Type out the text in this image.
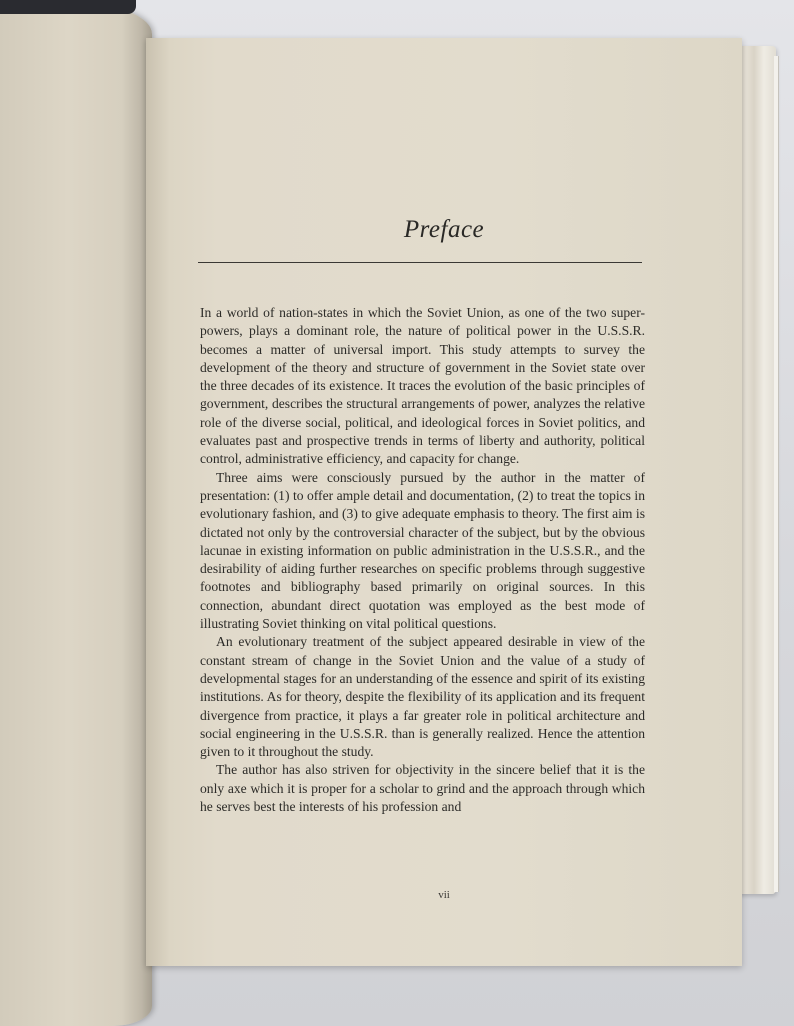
Preface

In a world of nation-states in which the Soviet Union, as one of the two super-powers, plays a dominant role, the nature of political power in the U.S.S.R. becomes a matter of universal import. This study attempts to survey the development of the theory and structure of government in the Soviet state over the three decades of its existence. It traces the evolution of the basic principles of government, describes the structural arrangements of power, analyzes the relative role of the diverse social, political, and ideological forces in Soviet politics, and evaluates past and prospective trends in terms of liberty and authority, political control, administrative efficiency, and capacity for change.

Three aims were consciously pursued by the author in the matter of presentation: (1) to offer ample detail and documentation, (2) to treat the topics in evolutionary fashion, and (3) to give adequate emphasis to theory. The first aim is dictated not only by the controversial character of the subject, but by the obvious lacunae in existing information on public administration in the U.S.S.R., and the desirability of aiding further researches on specific problems through suggestive footnotes and bibliography based primarily on original sources. In this connection, abundant direct quotation was employed as the best mode of illustrating Soviet thinking on vital political questions.

An evolutionary treatment of the subject appeared desirable in view of the constant stream of change in the Soviet Union and the value of a study of developmental stages for an understanding of the essence and spirit of its existing institutions. As for theory, despite the flexibility of its application and its frequent divergence from practice, it plays a far greater role in political architecture and social engineering in the U.S.S.R. than is generally realized. Hence the attention given to it throughout the study.

The author has also striven for objectivity in the sincere belief that it is the only axe which it is proper for a scholar to grind and the approach through which he serves best the interests of his profession and

vii
